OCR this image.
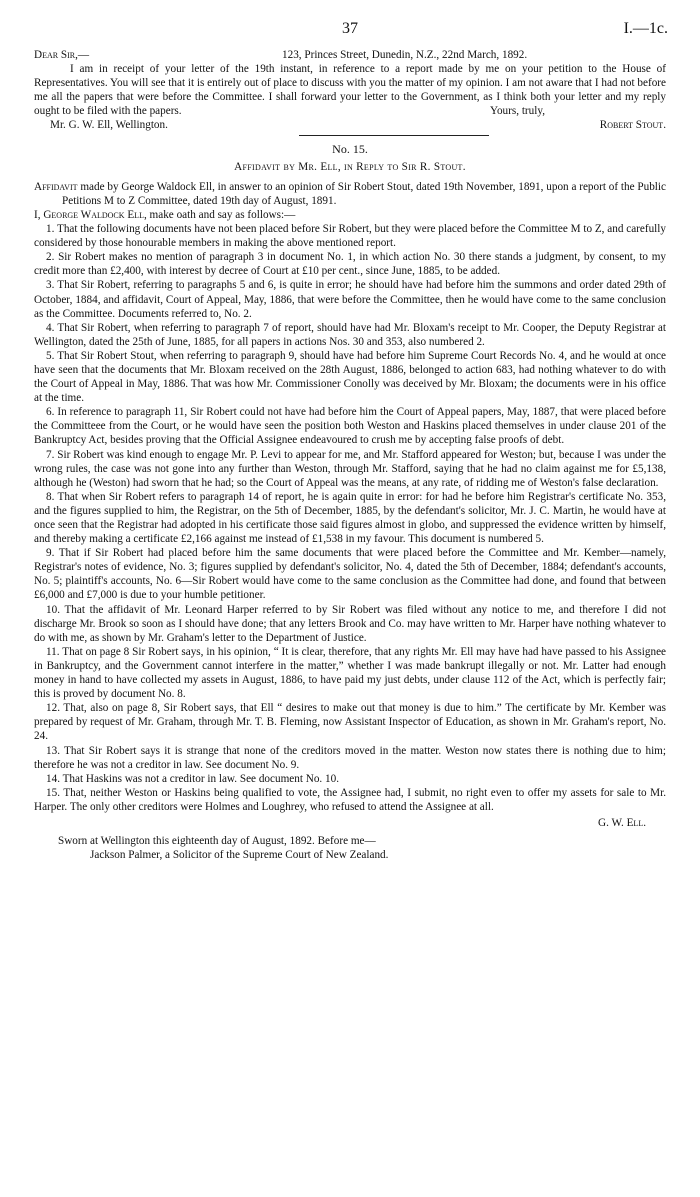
37	I.—1c.
Dear Sir,—	123, Princes Street, Dunedin, N.Z., 22nd March, 1892.

I am in receipt of your letter of the 19th instant, in reference to a report made by me on your petition to the House of Representatives. You will see that it is entirely out of place to discuss with you the matter of my opinion. I am not aware that I had not before me all the papers that were before the Committee. I shall forward your letter to the Government, as I think both your letter and my reply ought to be filed with the papers.

Mr. G. W. Ell, Wellington.
Yours, truly,
Robert Stout.
No. 15.
Affidavit by Mr. Ell, in Reply to Sir R. Stout.

Affidavit made by George Waldock Ell, in answer to an opinion of Sir Robert Stout, dated 19th November, 1891, upon a report of the Public Petitions M to Z Committee, dated 19th day of August, 1891.

I, George Waldock Ell, make oath and say as follows:—

1. That the following documents have not been placed before Sir Robert, but they were placed before the Committee M to Z, and carefully considered by those honourable members in making the above mentioned report.

2. Sir Robert makes no mention of paragraph 3 in document No. 1, in which action No. 30 there stands a judgment, by consent, to my credit more than £2,400, with interest by decree of Court at £10 per cent., since June, 1885, to be added.

3. That Sir Robert, referring to paragraphs 5 and 6, is quite in error; he should have had before him the summons and order dated 29th of October, 1884, and affidavit, Court of Appeal, May, 1886, that were before the Committee, then he would have come to the same conclusion as the Committee. Documents referred to, No. 2.

4. That Sir Robert, when referring to paragraph 7 of report, should have had Mr. Bloxam's receipt to Mr. Cooper, the Deputy Registrar at Wellington, dated the 25th of June, 1885, for all papers in actions Nos. 30 and 353, also numbered 2.

5. That Sir Robert Stout, when referring to paragraph 9, should have had before him Supreme Court Records No. 4, and he would at once have seen that the documents that Mr. Bloxam received on the 28th August, 1886, belonged to action 683, had nothing whatever to do with the Court of Appeal in May, 1886. That was how Mr. Commissioner Conolly was deceived by Mr. Bloxam; the documents were in his office at the time.

6. In reference to paragraph 11, Sir Robert could not have had before him the Court of Appeal papers, May, 1887, that were placed before the Committeee from the Court, or he would have seen the position both Weston and Haskins placed themselves in under clause 201 of the Bankruptcy Act, besides proving that the Official Assignee endeavoured to crush me by accepting false proofs of debt.

7. Sir Robert was kind enough to engage Mr. P. Levi to appear for me, and Mr. Stafford appeared for Weston; but, because I was under the wrong rules, the case was not gone into any further than Weston, through Mr. Stafford, saying that he had no claim against me for £5,138, although he (Weston) had sworn that he had; so the Court of Appeal was the means, at any rate, of ridding me of Weston's false declaration.

8. That when Sir Robert refers to paragraph 14 of report, he is again quite in error: for had he before him Registrar's certificate No. 353, and the figures supplied to him, the Registrar, on the 5th of December, 1885, by the defendant's solicitor, Mr. J. C. Martin, he would have at once seen that the Registrar had adopted in his certificate those said figures almost in globo, and suppressed the evidence written by himself, and thereby making a certificate £2,166 against me instead of £1,538 in my favour. This document is numbered 5.

9. That if Sir Robert had placed before him the same documents that were placed before the Committee and Mr. Kember—namely, Registrar's notes of evidence, No. 3; figures supplied by defendant's solicitor, No. 4, dated the 5th of December, 1884; defendant's accounts, No. 5; plaintiff's accounts, No. 6—Sir Robert would have come to the same conclusion as the Committee had done, and found that between £6,000 and £7,000 is due to your humble petitioner.

10. That the affidavit of Mr. Leonard Harper referred to by Sir Robert was filed without any notice to me, and therefore I did not discharge Mr. Brook so soon as I should have done; that any letters Brook and Co. may have written to Mr. Harper have nothing whatever to do with me, as shown by Mr. Graham's letter to the Department of Justice.

11. That on page 8 Sir Robert says, in his opinion, “ It is clear, therefore, that any rights Mr. Ell may have had have passed to his Assignee in Bankruptcy, and the Government cannot interfere in the matter,” whether I was made bankrupt illegally or not. Mr. Latter had enough money in hand to have collected my assets in August, 1886, to have paid my just debts, under clause 112 of the Act, which is perfectly fair; this is proved by document No. 8.

12. That, also on page 8, Sir Robert says, that Ell “ desires to make out that money is due to him.” The certificate by Mr. Kember was prepared by request of Mr. Graham, through Mr. T. B. Fleming, now Assistant Inspector of Education, as shown in Mr. Graham's report, No. 24.

13. That Sir Robert says it is strange that none of the creditors moved in the matter. Weston now states there is nothing due to him; therefore he was not a creditor in law. See document No. 9.

14. That Haskins was not a creditor in law. See document No. 10.

15. That, neither Weston or Haskins being qualified to vote, the Assignee had, I submit, no right even to offer my assets for sale to Mr. Harper. The only other creditors were Holmes and Loughrey, who refused to attend the Assignee at all.

G. W. Ell.
Sworn at Wellington this eighteenth day of August, 1892. Before me—
Jackson Palmer, a Solicitor of the Supreme Court of New Zealand.
